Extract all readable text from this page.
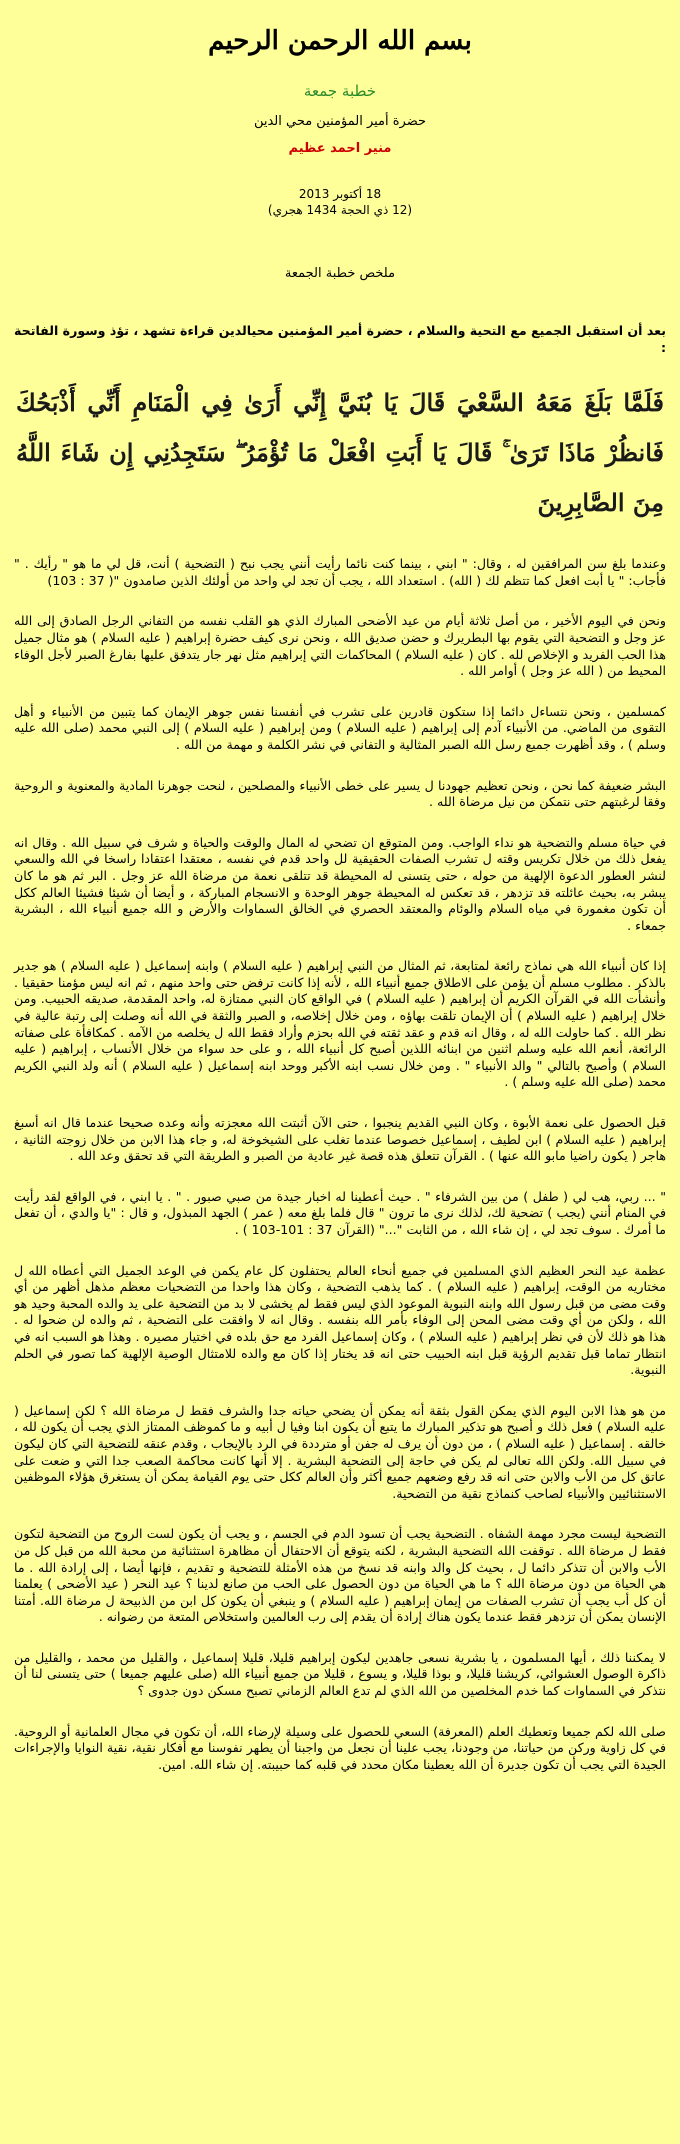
بسم الله الرحمن الرحيم
خطبة جمعة
حضرة أمير المؤمنين محي الدين
منير احمد عظيم
18 أكتوبر 2013
(12 ذي الحجة 1434 هجري)
ملخص خطبة الجمعة

بعد أن استقبل الجميع مع التحية والسلام ، حضرة أمير المؤمنين محيالدين قراءة تشهد ، تؤذ وسورة الفاتحة :

فَلَمَّا بَلَغَ مَعَهُ السَّعْيَ قَالَ يَا بُنَيَّ إِنِّي أَرَىٰ فِي الْمَنَامِ أَنِّي أَذْبَحُكَ فَانظُرْ مَاذَا تَرَىٰ ۚ قَالَ يَا أَبَتِ افْعَلْ مَا تُؤْمَرُ ۖ سَتَجِدُنِي إِن شَاءَ اللَّهُ مِنَ الصَّابِرِينَ

وعندما بلغ سن المرافقين له ، وقال: " ابني ، بينما كنت نائما رأيت أنني يجب نبح ( التضحية ) أنت، قل لي ما هو " رأيك . " فأجاب: " يا أبت افعل كما تتظم لك ( الله) . استعداد الله ، يجب أن تجد لي واحد من أولئك الذين صامدون "( 37 : 103)

ونحن في اليوم الأخير ، من أصل ثلاثة أيام من عيد الأضحى المبارك الذي هو القلب نفسه من التفاني الرجل الصادق إلى الله عز وجل و التضحية التي يقوم بها البطريرك و حضن صديق الله ، ونحن نرى كيف حضرة إبراهيم ( عليه السلام ) هو مثال جميل هذا الحب الفريد و الإخلاص لله . كان ( عليه السلام ) المحاكمات التي إبراهيم مثل نهر جار يتدفق عليها بفارغ الصبر لأجل الوفاء المحيط من ( الله عز وجل ) أوامر الله .

كمسلمين ، ونحن نتساءل دائما إذا ستكون قادرين على تشرب في أنفسنا نفس جوهر الإيمان كما يتبين من الأنبياء و أهل التقوى من الماضي. من الأنبياء آدم إلى إبراهيم ( عليه السلام ) ومن إبراهيم ( عليه السلام ) إلى النبي محمد (صلى الله عليه وسلم ) ، وقد أظهرت جميع رسل الله الصبر المثالية و التفاني في نشر الكلمة و مهمة من الله .

البشر ضعيفة كما نحن ، ونحن تعظيم جهودنا ل يسير على خطى الأنبياء والمصلحين ، لنحت جوهرنا المادية والمعنوية و الروحية وفقا لرغبتهم حتى نتمكن من نيل مرضاة الله .

في حياة مسلم والتضحية هو نداء الواجب. ومن المتوقع ان تضحي له المال والوقت والحياة و شرف في سبيل الله . وقال انه يفعل ذلك من خلال تكريس وقته ل تشرب الصفات الحقيقية لل واحد قدم في نفسه ، معتقدا اعتقادا راسخا في الله والسعي لنشر العطور الدعوة الإلهية من حوله ، حتى يتسنى له المحيطة قد تتلقى نعمة من مرضاة الله عز وجل . البر ثم هو ما كان يبشر به، بحيث عائلته قد تزدهر ، قد تعكس له المحيطة جوهر الوحدة و الانسجام المباركة ، و أيضا أن شيئا فشيئا العالم ككل أن تكون مغمورة في مياه السلام والوئام والمعتقد الحصري في الخالق السماوات والأرض و الله جميع أنبياء الله ، البشرية جمعاء .

إذا كان أنبياء الله هي نماذج رائعة لمتابعة، ثم المثال من النبي إبراهيم ( عليه السلام ) وابنه إسماعيل ( عليه السلام ) هو جدير بالذكر . مطلوب مسلم أن يؤمن على الاطلاق جميع أنبياء الله ، لأنه إذا كانت ترفض حتى واحد منهم ، ثم انه ليس مؤمنا حقيقيا . وأنشأت الله في القرآن الكريم أن إبراهيم ( عليه السلام ) في الواقع كان النبي ممتازة له، واحد المقدمة، صديقه الحبيب. ومن خلال إبراهيم ( عليه السلام ) أن الإيمان تلقت بهاؤه ، ومن خلال إخلاصه، و الصبر والثقة في الله أنه وصلت إلى رتبة عالية في نظر الله . كما حاولت الله له ، وقال انه قدم و عقد ثقته في الله بحزم وأراد فقط الله ل يخلصه من الآمه . كمكافأة على صفاته الرائعة، أنعم الله عليه وسلم اثنين من ابنائه اللذين أصبح كل أنبياء الله ، و على حد سواء من خلال الأنساب ، إبراهيم ( عليه السلام ) وأصبح بالتالي " والد الأنبياء " . ومن خلال نسب ابنه الأكبر ووحد ابنه إسماعيل ( عليه السلام ) أنه ولد النبي الكريم محمد (صلى الله عليه وسلم ) .

قبل الحصول على نعمة الأبوة ، وكان النبي القديم ينجبوا ، حتى الآن أثبتت الله معجزته وأنه وعده صحيحا عندما قال انه أسبغ إبراهيم ( عليه السلام ) ابن لطيف ، إسماعيل خصوصا عندما تغلب على الشيخوخة له، و جاء هذا الابن من خلال زوجته الثانية ، هاجر ( يكون راضيا مابو الله عنها ) . القرآن تتعلق هذه قصة غير عادية من الصبر و الطريقة التي قد تحقق وعد الله .

" ... ربي، هب لي ( طفل ) من بين الشرفاء " . حيث أعطينا له اخبار جيدة من صبي صبور . " . يا ابني ، في الواقع لقد رأيت في المنام أنني (يجب ) تضحية لك، لذلك نرى ما ترون " قال فلما بلغ معه ( عمر ) الجهد المبذول، و قال : "يا والدي ، أن تفعل ما أمرك . سوف تجد لي ، إن شاء الله ، من الثابت "..." (القرآن 37 : 101-103 ) .

عظمة عيد النحر العظيم الذي المسلمين في جميع أنحاء العالم يحتفلون كل عام يكمن في الوعد الجميل التي أعطاه الله ل مختاريه من الوقت، إبراهيم ( عليه السلام ) . كما يذهب التضحية ، وكان هذا واحدا من التضحيات معظم مذهل أظهر من أي وقت مضى من قبل رسول الله وابنه النبوية الموعود الذي ليس فقط لم يخشى لا بد من التضحية على يد والده المحبة وحيد هو الله ، ولكن من أي وقت مضى المحن إلى الوفاء بأمر الله بنفسه . وقال انه لا وافقت على التضحية ، ثم والده لن ضحوا له . هذا هو ذلك لأن في نظر إبراهيم ( عليه السلام ) ، وكان إسماعيل الفرد مع حق بلده في اختيار مصيره . وهذا هو السبب انه في انتظار تماما قبل تقديم الرؤية قبل ابنه الحبيب حتى انه قد يختار إذا كان مع والده للامتثال الوصية الإلهية كما تصور في الحلم النبوية.

من هو هذا الابن اليوم الذي يمكن القول بثقة أنه يمكن أن يضحي حياته جدا والشرف فقط ل مرضاة الله ؟ لكن إسماعيل ( عليه السلام ) فعل ذلك و أصبح هو تذكير المبارك ما يتبع أن يكون ابنا وفيا ل أبيه و ما كموظف الممتاز الذي يجب أن يكون لله ، خالقه . إسماعيل ( عليه السلام ) ، من دون أن يرف له جفن أو مترددة في الرد بالإيجاب ، وقدم عنقه للتضحية التي كان ليكون في سبيل الله. ولكن الله تعالى لم يكن في حاجة إلى التضحية البشرية . إلا أنها كانت محاكمة الصعب جدا التي و ضعت على عاتق كل من الأب والابن حتى انه قد رفع وضعهم جميع أكثر وأن العالم ككل حتى يوم القيامة يمكن أن يستغرق هؤلاء الموظفين الاستثنائيين والأنبياء لصاحب كنماذج نقية من التضحية.

التضحية ليست مجرد مهمة الشفاه . التضحية يجب أن تسود الدم في الجسم ، و يجب أن يكون لست الروح من التضحية لتكون فقط ل مرضاة الله . توقفت الله التضحية البشرية ، لكنه يتوقع أن الاحتفال أن مظاهرة استثنائية من محبة الله من قبل كل من الأب والابن أن تتذكر دائما ل ، بحيث كل والد وابنه قد نسخ من هذه الأمثلة للتضحية و تقديم ، فإنها أيضا ، إلى إرادة الله . ما هي الحياة من دون مرضاة الله ؟ ما هي الحياة من دون الحصول على الحب من صانع لدينا ؟ عيد النحر ( عيد الأضحى ) يعلمنا أن كل أب يجب أن تشرب الصفات من إيمان إبراهيم ( عليه السلام ) و ينبغي أن يكون كل ابن من الذبيحة ل مرضاة الله. أمتنا الإنسان يمكن أن تزدهر فقط عندما يكون هناك إرادة أن يقدم إلى رب العالمين واستخلاص المتعة من رضوانه .

لا يمكننا ذلك ، أيها المسلمون ، يا بشرية نسعى جاهدين ليكون إبراهيم قليلا، قليلا إسماعيل ، والقليل من محمد ، والقليل من ذاكرة الوصول العشوائي، كريشنا قليلا، و بوذا قليلا، و يسوع ، قليلا من جميع أنبياء الله (صلى عليهم جميعا ) حتى يتسنى لنا أن نتذكر في السماوات كما خدم المخلصين من الله الذي لم تدع العالم الزماني تصبح مسكن دون جدوى ؟

صلى الله لكم جميعا وتعطيك العلم (المعرفة) السعي للحصول على وسيلة لإرضاء الله، أن تكون في مجال العلمانية أو الروحية. في كل زاوية وركن من حياتنا، من وجودنا، يجب علينا أن نجعل من واجبنا أن يطهر نفوسنا مع أفكار نقية، نقية النوايا والإجراءات الجيدة التي يجب أن تكون جديرة أن الله يعطينا مكان محدد في قلبه كما حبيبته. إن شاء الله. امين.
